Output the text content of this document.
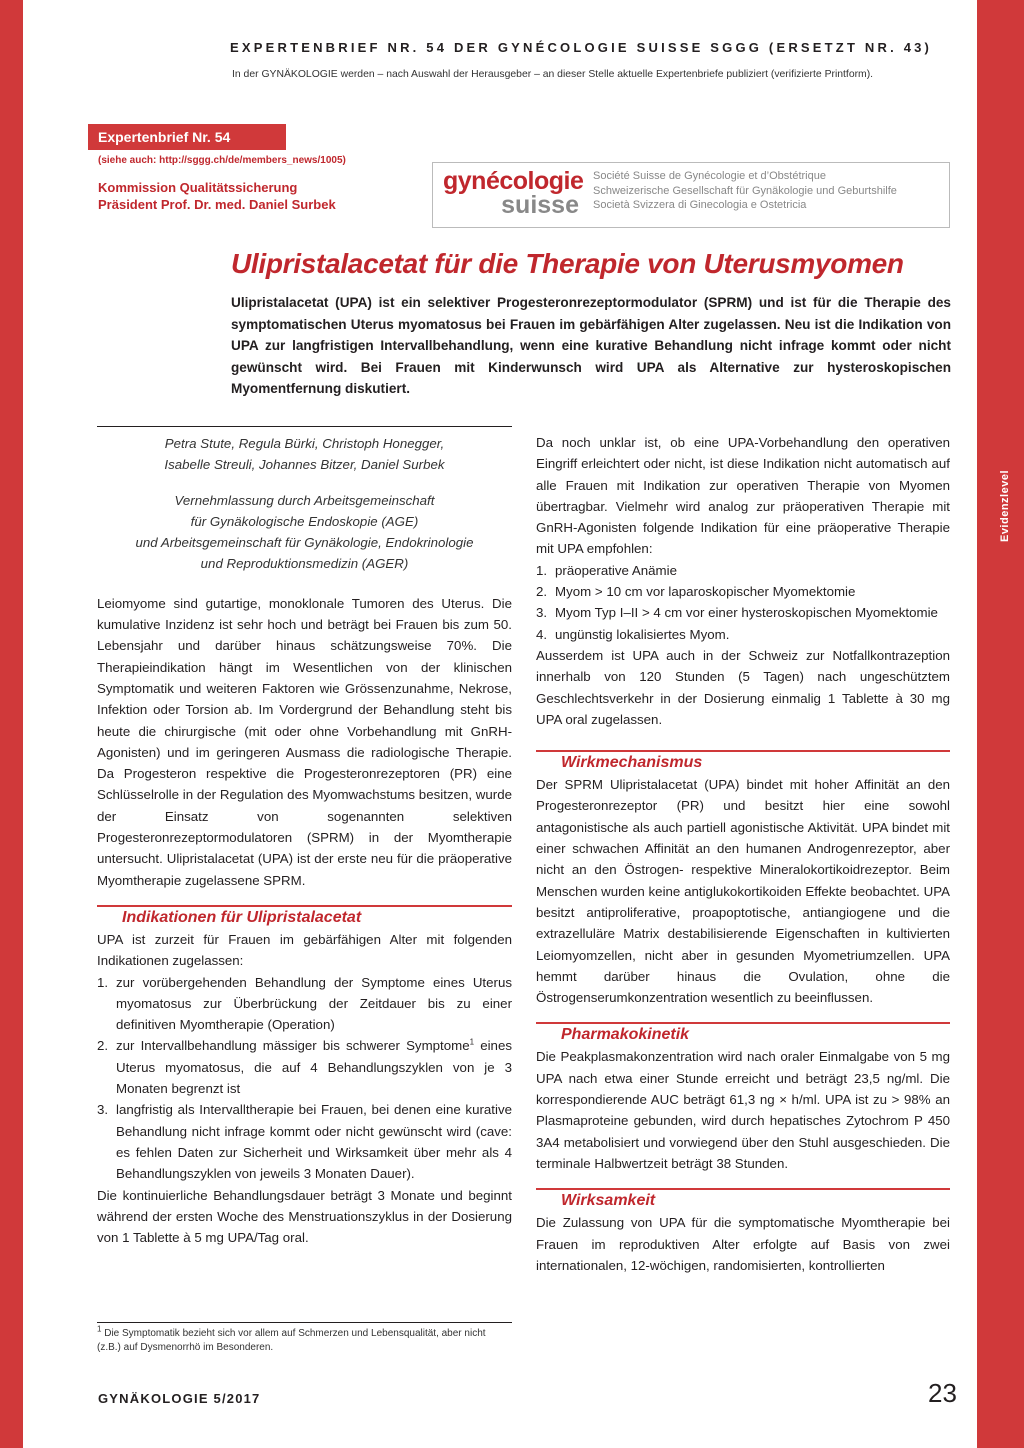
Evidenzlevel
EXPERTENBRIEF NR. 54 DER GYNÉCOLOGIE SUISSE SGGG (ERSETZT NR. 43)
In der GYNÄKOLOGIE werden – nach Auswahl der Herausgeber – an dieser Stelle aktuelle Expertenbriefe publiziert (verifizierte Printform).
Expertenbrief Nr. 54
(siehe auch: http://sggg.ch/de/members_news/1005)
Kommission Qualitätssicherung
Präsident Prof. Dr. med. Daniel Surbek
gynécologie
suisse
Société Suisse de Gynécologie et d’Obstétrique
Schweizerische Gesellschaft für Gynäkologie und Geburtshilfe
Società Svizzera di Ginecologia e Ostetricia
Ulipristalacetat für die Therapie von Uterusmyomen
Ulipristalacetat (UPA) ist ein selektiver Progesteronrezeptormodulator (SPRM) und ist für die Therapie des symptomatischen Uterus myomatosus bei Frauen im gebärfähigen Alter zugelassen. Neu ist die Indikation von UPA zur langfristigen Intervallbehandlung, wenn eine kurative Behandlung nicht infrage kommt oder nicht gewünscht wird. Bei Frauen mit Kinderwunsch wird UPA als Alternative zur hysteroskopischen Myomentfernung diskutiert.
Petra Stute, Regula Bürki, Christoph Honegger,
Isabelle Streuli, Johannes Bitzer, Daniel Surbek
Vernehmlassung durch Arbeitsgemeinschaft
für Gynäkologische Endoskopie (AGE)
und Arbeitsgemeinschaft für Gynäkologie, Endokrinologie
und Reproduktionsmedizin (AGER)

Leiomyome sind gutartige, monoklonale Tumoren des Uterus. Die kumulative Inzidenz ist sehr hoch und beträgt bei Frauen bis zum 50. Lebensjahr und darüber hinaus schätzungsweise 70%. Die Therapieindikation hängt im Wesentlichen von der klinischen Symptomatik und weiteren Faktoren wie Grössenzunahme, Nekrose, Infektion oder Torsion ab. Im Vordergrund der Behandlung steht bis heute die chirurgische (mit oder ohne Vorbehandlung mit GnRH-Agonisten) und im geringeren Ausmass die radiologische Therapie. Da Progesteron respektive die Progesteronrezeptoren (PR) eine Schlüsselrolle in der Regulation des Myomwachstums besitzen, wurde der Einsatz von sogenannten selektiven Progesteronrezeptormodulatoren (SPRM) in der Myomtherapie untersucht. Ulipristalacetat (UPA) ist der erste neu für die präoperative Myomtherapie zugelassene SPRM.

Indikationen für Ulipristalacetat

UPA ist zurzeit für Frauen im gebärfähigen Alter mit folgenden Indikationen zugelassen:

1. zur vorübergehenden Behandlung der Symptome eines Uterus myomatosus zur Überbrückung der Zeitdauer bis zu einer definitiven Myomtherapie (Operation)
2. zur Intervallbehandlung mässiger bis schwerer Symptome$^1$ eines Uterus myomatosus, die auf 4 Behandlungszyklen von je 3 Monaten begrenzt ist
3. langfristig als Intervalltherapie bei Frauen, bei denen eine kurative Behandlung nicht infrage kommt oder nicht gewünscht wird (cave: es fehlen Daten zur Sicherheit und Wirksamkeit über mehr als 4 Behandlungszyklen von jeweils 3 Monaten Dauer).

Die kontinuierliche Behandlungsdauer beträgt 3 Monate und beginnt während der ersten Woche des Menstruationszyklus in der Dosierung von 1 Tablette à 5 mg UPA/Tag oral.

$^1$ Die Symptomatik bezieht sich vor allem auf Schmerzen und Lebensqualität, aber nicht (z.B.) auf Dysmenorrhö im Besonderen.

Da noch unklar ist, ob eine UPA-Vorbehandlung den operativen Eingriff erleichtert oder nicht, ist diese Indikation nicht automatisch auf alle Frauen mit Indikation zur operativen Therapie von Myomen übertragbar. Vielmehr wird analog zur präoperativen Therapie mit GnRH-Agonisten folgende Indikation für eine präoperative Therapie mit UPA empfohlen:

1. präoperative Anämie
2. Myom > 10 cm vor laparoskopischer Myomektomie
3. Myom Typ I–II > 4 cm vor einer hysteroskopischen Myomektomie
4. ungünstig lokalisiertes Myom.

Ausserdem ist UPA auch in der Schweiz zur Notfallkontrazeption innerhalb von 120 Stunden (5 Tagen) nach ungeschütztem Geschlechtsverkehr in der Dosierung einmalig 1 Tablette à 30 mg UPA oral zugelassen.

Wirkmechanismus

Der SPRM Ulipristalacetat (UPA) bindet mit hoher Affinität an den Progesteronrezeptor (PR) und besitzt hier eine sowohl antagonistische als auch partiell agonistische Aktivität. UPA bindet mit einer schwachen Affinität an den humanen Androgenrezeptor, aber nicht an den Östrogen- respektive Mineralokortikoidrezeptor. Beim Menschen wurden keine antiglukokortikoiden Effekte beobachtet. UPA besitzt antiproliferative, proapoptotische, antiangiogene und die extrazelluläre Matrix destabilisierende Eigenschaften in kultivierten Leiomyomzellen, nicht aber in gesunden Myometriumzellen. UPA hemmt darüber hinaus die Ovulation, ohne die Östrogenserumkonzentration wesentlich zu beeinflussen.

Pharmakokinetik

Die Peakplasmakonzentration wird nach oraler Einmalgabe von 5 mg UPA nach etwa einer Stunde erreicht und beträgt 23,5 ng/ml. Die korrespondierende AUC beträgt 61,3 ng × h/ml. UPA ist zu > 98% an Plasmaproteine gebunden, wird durch hepatisches Zytochrom P 450 3A4 metabolisiert und vorwiegend über den Stuhl ausgeschieden. Die terminale Halbwertzeit beträgt 38 Stunden.

Wirksamkeit

Die Zulassung von UPA für die symptomatische Myomtherapie bei Frauen im reproduktiven Alter erfolgte auf Basis von zwei internationalen, 12-wöchigen, randomisierten, kontrollierten

GYNÄKOLOGIE 5/2017	23
